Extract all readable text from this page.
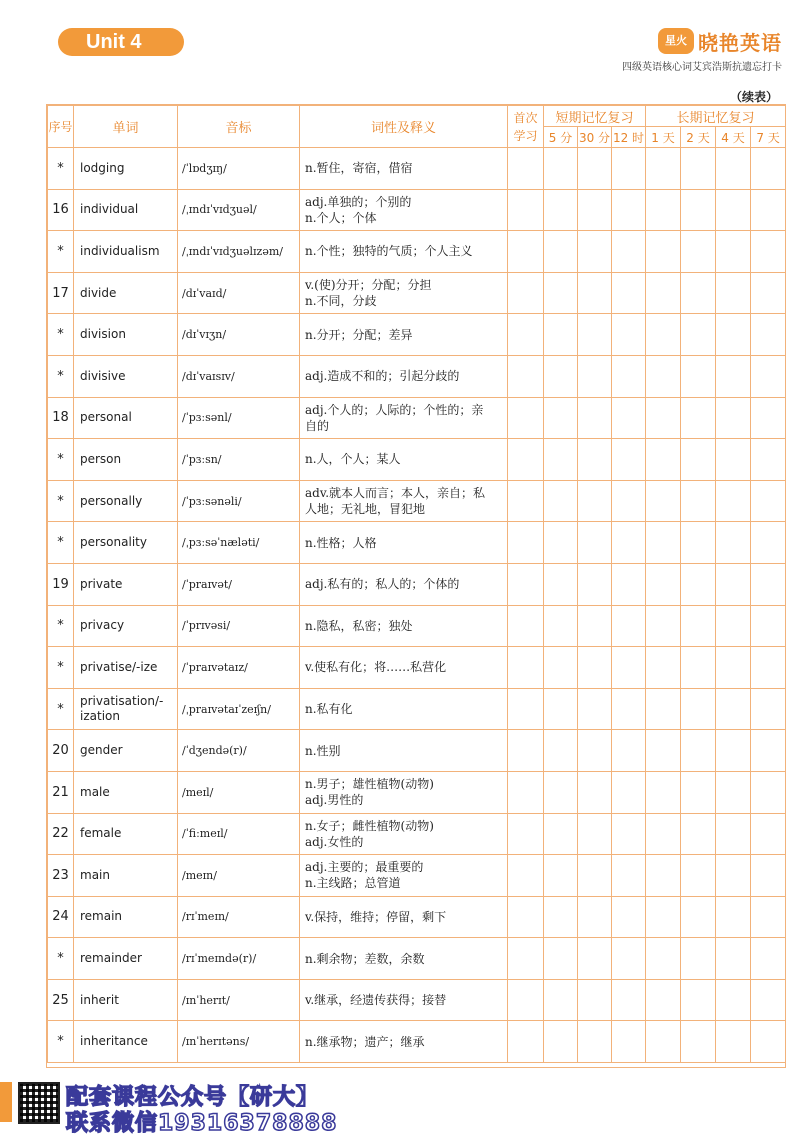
Unit 4	星火 晓艳英语
四级英语核心词艾宾浩斯抗遗忘打卡
（续表）
序号	单词	音标	词性及释义	首次学习	短期记忆复习			长期记忆复习			
					5 分	30 分	12 时	1 天	2 天	4 天	7 天
*	lodging	/ˈlɒdʒɪŋ/	n.暂住，寄宿，借宿								

16	individual	/ˌɪndɪˈvɪdʒuəl/	adj.单独的；个别的
n.个人；个体								

*	individualism	/ˌɪndɪˈvɪdʒuəlɪzəm/	n.个性；独特的气质；个人主义								

17	divide	/dɪˈvaɪd/	v.(使)分开；分配；分担
n.不同，分歧								

*	division	/dɪˈvɪʒn/	n.分开；分配；差异								

*	divisive	/dɪˈvaɪsɪv/	adj.造成不和的；引起分歧的								

18	personal	/ˈpɜːsənl/	adj.个人的；人际的；个性的；亲
自的								

*	person	/ˈpɜːsn/	n.人，个人；某人								

*	personally	/ˈpɜːsənəli/	adv.就本人而言；本人，亲自；私
人地；无礼地，冒犯地								

*	personality	/ˌpɜːsəˈnæləti/	n.性格；人格								

19	private	/ˈpraɪvət/	adj.私有的；私人的；个体的								

*	privacy	/ˈprɪvəsi/	n.隐私，私密；独处								

*	privatise/-ize	/ˈpraɪvətaɪz/	v.使私有化；将……私营化								

*	privatisation/-ization	/ˌpraɪvətaɪˈzeɪʃn/	n.私有化								

20	gender	/ˈdʒendə(r)/	n.性别								

21	male	/meɪl/	n.男子；雄性植物(动物)
adj.男性的								

22	female	/ˈfiːmeɪl/	n.女子；雌性植物(动物)
adj.女性的								

23	main	/meɪn/	adj.主要的；最重要的
n.主线路；总管道								

24	remain	/rɪˈmeɪn/	v.保持，维持；停留，剩下								

*	remainder	/rɪˈmeɪndə(r)/	n.剩余物；差数，余数								

25	inherit	/ɪnˈherɪt/	v.继承，经遗传获得；接替								

*	inheritance	/ɪnˈherɪtəns/	n.继承物；遗产；继承								

配套课程公众号【研大】
联系微信19316378888
